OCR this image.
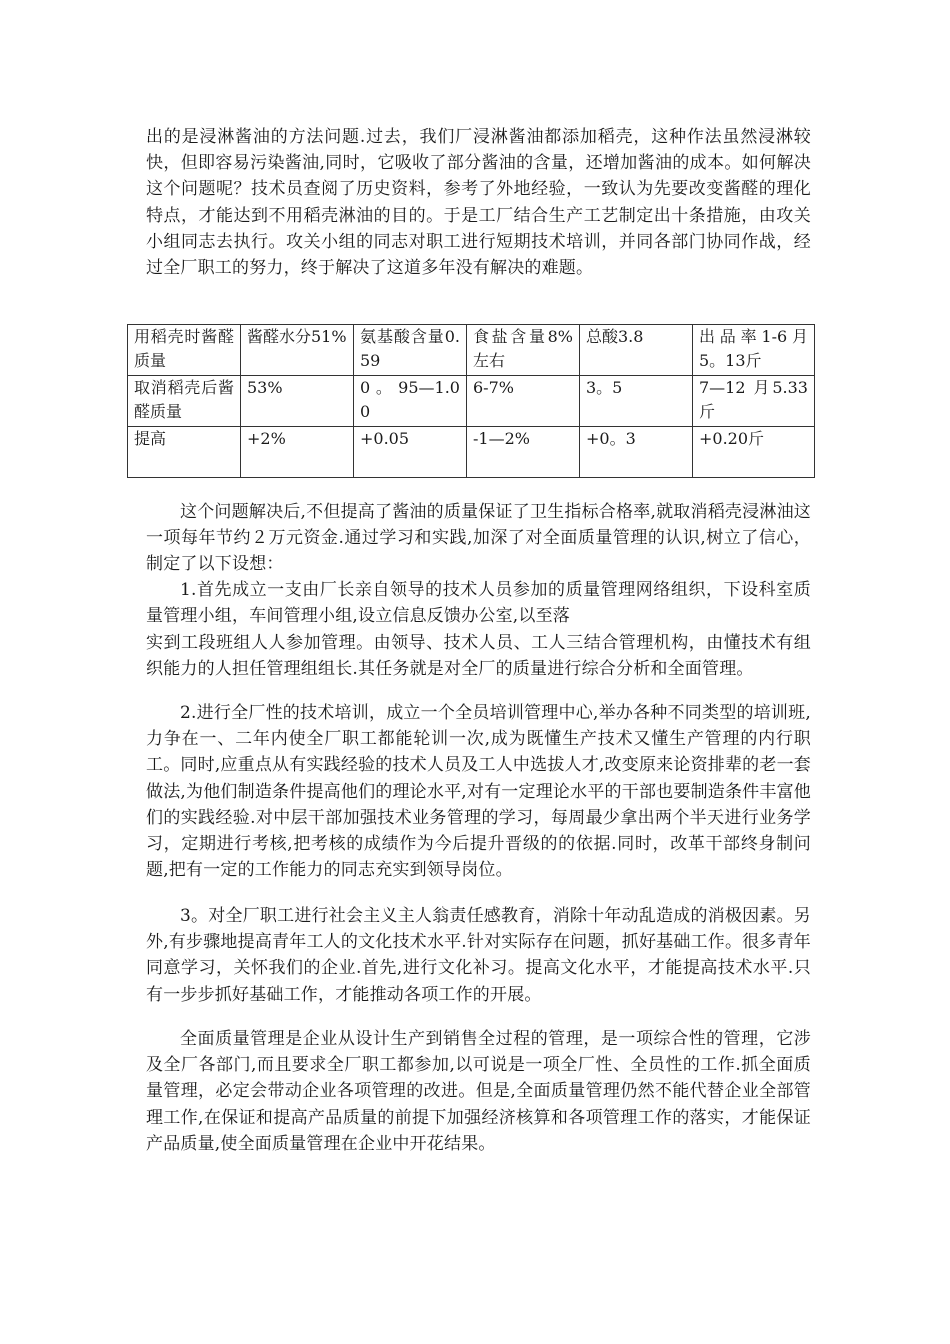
出的是浸淋酱油的方法问题.过去，我们厂浸淋酱油都添加稻壳，这种作法虽然浸淋较快，但即容易污染酱油,同时，它吸收了部分酱油的含量，还增加酱油的成本。如何解决这个问题呢？技术员查阅了历史资料，参考了外地经验，一致认为先要改变酱醛的理化特点，才能达到不用稻壳淋油的目的。于是工厂结合生产工艺制定出十条措施，由攻关小组同志去执行。攻关小组的同志对职工进行短期技术培训，并同各部门协同作战，经过全厂职工的努力，终于解决了这道多年没有解决的难题。

用稻壳时酱醛质量	酱醛水分51%	氨基酸含量0.59	食盐含量8%左右	总酸3.8	出品率1-6月 5。13斤
取消稻壳后酱醛质量	53%	0 。 95—1.00	6-7%	3。5	7—12 月5.33斤
提高	+2%	+0.05	-1—2%	+0。3	+0.20斤

这个问题解决后,不但提高了酱油的质量保证了卫生指标合格率,就取消稻壳浸淋油这一项每年节约２万元资金.通过学习和实践,加深了对全面质量管理的认识,树立了信心，制定了以下设想：

1.首先成立一支由厂长亲自领导的技术人员参加的质量管理网络组织，下设科室质量管理小组，车间管理小组,设立信息反馈办公室,以至落

实到工段班组人人参加管理。由领导、技术人员、工人三结合管理机构，由懂技术有组织能力的人担任管理组组长.其任务就是对全厂的质量进行综合分析和全面管理。

2.进行全厂性的技术培训，成立一个全员培训管理中心,举办各种不同类型的培训班,力争在一、二年内使全厂职工都能轮训一次,成为既懂生产技术又懂生产管理的内行职工。同时,应重点从有实践经验的技术人员及工人中选拔人才,改变原来论资排辈的老一套做法,为他们制造条件提高他们的理论水平,对有一定理论水平的干部也要制造条件丰富他们的实践经验.对中层干部加强技术业务管理的学习，每周最少拿出两个半天进行业务学习，定期进行考核,把考核的成绩作为今后提升晋级的的依据.同时，改革干部终身制问题,把有一定的工作能力的同志充实到领导岗位。

3。对全厂职工进行社会主义主人翁责任感教育，消除十年动乱造成的消极因素。另外,有步骤地提高青年工人的文化技术水平.针对实际存在问题，抓好基础工作。很多青年同意学习，关怀我们的企业.首先,进行文化补习。提高文化水平，才能提高技术水平.只有一步步抓好基础工作，才能推动各项工作的开展。

全面质量管理是企业从设计生产到销售全过程的管理，是一项综合性的管理，它涉及全厂各部门,而且要求全厂职工都参加,以可说是一项全厂性、全员性的工作.抓全面质量管理，必定会带动企业各项管理的改进。但是,全面质量管理仍然不能代替企业全部管理工作,在保证和提高产品质量的前提下加强经济核算和各项管理工作的落实，才能保证产品质量,使全面质量管理在企业中开花结果。
